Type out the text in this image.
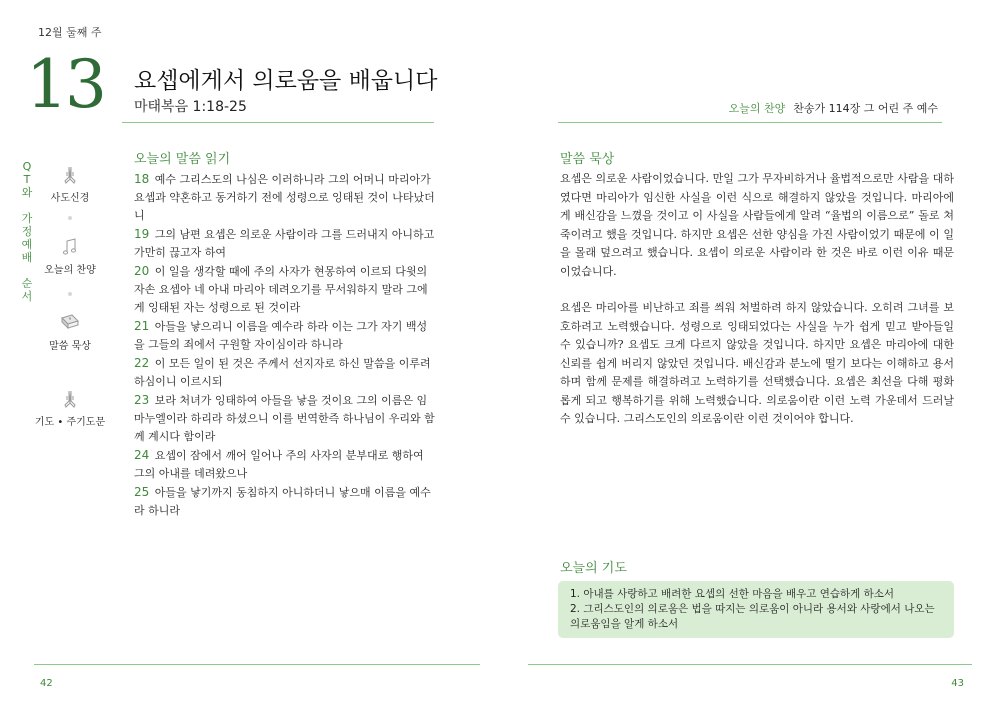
12월 둘째 주
13 요셉에게서 의로움을 배웁니다
마태복음 1:18-25	오늘의 찬양 찬송가 114장 그 어린 주 예수
Q
T
와
가
정
예
배
순
서
사도신경
오늘의 찬양
말씀 묵상
기도 • 주기도문
오늘의 말씀 읽기

18 예수 그리스도의 나심은 이러하니라 그의 어머니 마리아가 요셉과 약혼하고 동거하기 전에 성령으로 잉태된 것이 나타났더니

19 그의 남편 요셉은 의로운 사람이라 그를 드러내지 아니하고 가만히 끊고자 하여

20 이 일을 생각할 때에 주의 사자가 현몽하여 이르되 다윗의 자손 요셉아 네 아내 마리아 데려오기를 무서워하지 말라 그에게 잉태된 자는 성령으로 된 것이라

21 아들을 낳으리니 이름을 예수라 하라 이는 그가 자기 백성을 그들의 죄에서 구원할 자이심이라 하니라

22 이 모든 일이 된 것은 주께서 선지자로 하신 말씀을 이루려 하심이니 이르시되

23 보라 처녀가 잉태하여 아들을 낳을 것이요 그의 이름은 임마누엘이라 하리라 하셨으니 이를 번역한즉 하나님이 우리와 함께 계시다 함이라

24 요셉이 잠에서 깨어 일어나 주의 사자의 분부대로 행하여 그의 아내를 데려왔으나

25 아들을 낳기까지 동침하지 아니하더니 낳으매 이름을 예수라 하니라

말씀 묵상

요셉은 의로운 사람이었습니다. 만일 그가 무자비하거나 율법적으로만 사람을 대하였다면 마리아가 임신한 사실을 이런 식으로 해결하지 않았을 것입니다. 마리아에게 배신감을 느꼈을 것이고 이 사실을 사람들에게 알려 “율법의 이름으로” 돌로 쳐 죽이려고 했을 것입니다. 하지만 요셉은 선한 양심을 가진 사람이었기 때문에 이 일을 몰래 덮으려고 했습니다. 요셉이 의로운 사람이라 한 것은 바로 이런 이유 때문이었습니다.

요셉은 마리아를 비난하고 죄를 씌워 처벌하려 하지 않았습니다. 오히려 그녀를 보호하려고 노력했습니다. 성령으로 잉태되었다는 사실을 누가 쉽게 믿고 받아들일 수 있습니까? 요셉도 크게 다르지 않았을 것입니다. 하지만 요셉은 마리아에 대한 신뢰를 쉽게 버리지 않았던 것입니다. 배신감과 분노에 떨기 보다는 이해하고 용서하며 함께 문제를 해결하려고 노력하기를 선택했습니다. 요셉은 최선을 다해 평화롭게 되고 행복하기를 위해 노력했습니다. 의로움이란 이런 노력 가운데서 드러날 수 있습니다. 그리스도인의 의로움이란 이런 것이어야 합니다.

오늘의 기도

1. 아내를 사랑하고 배려한 요셉의 선한 마음을 배우고 연습하게 하소서

2. 그리스도인의 의로움은 법을 따지는 의로움이 아니라 용서와 사랑에서 나오는 의로움임을 알게 하소서

42	43
